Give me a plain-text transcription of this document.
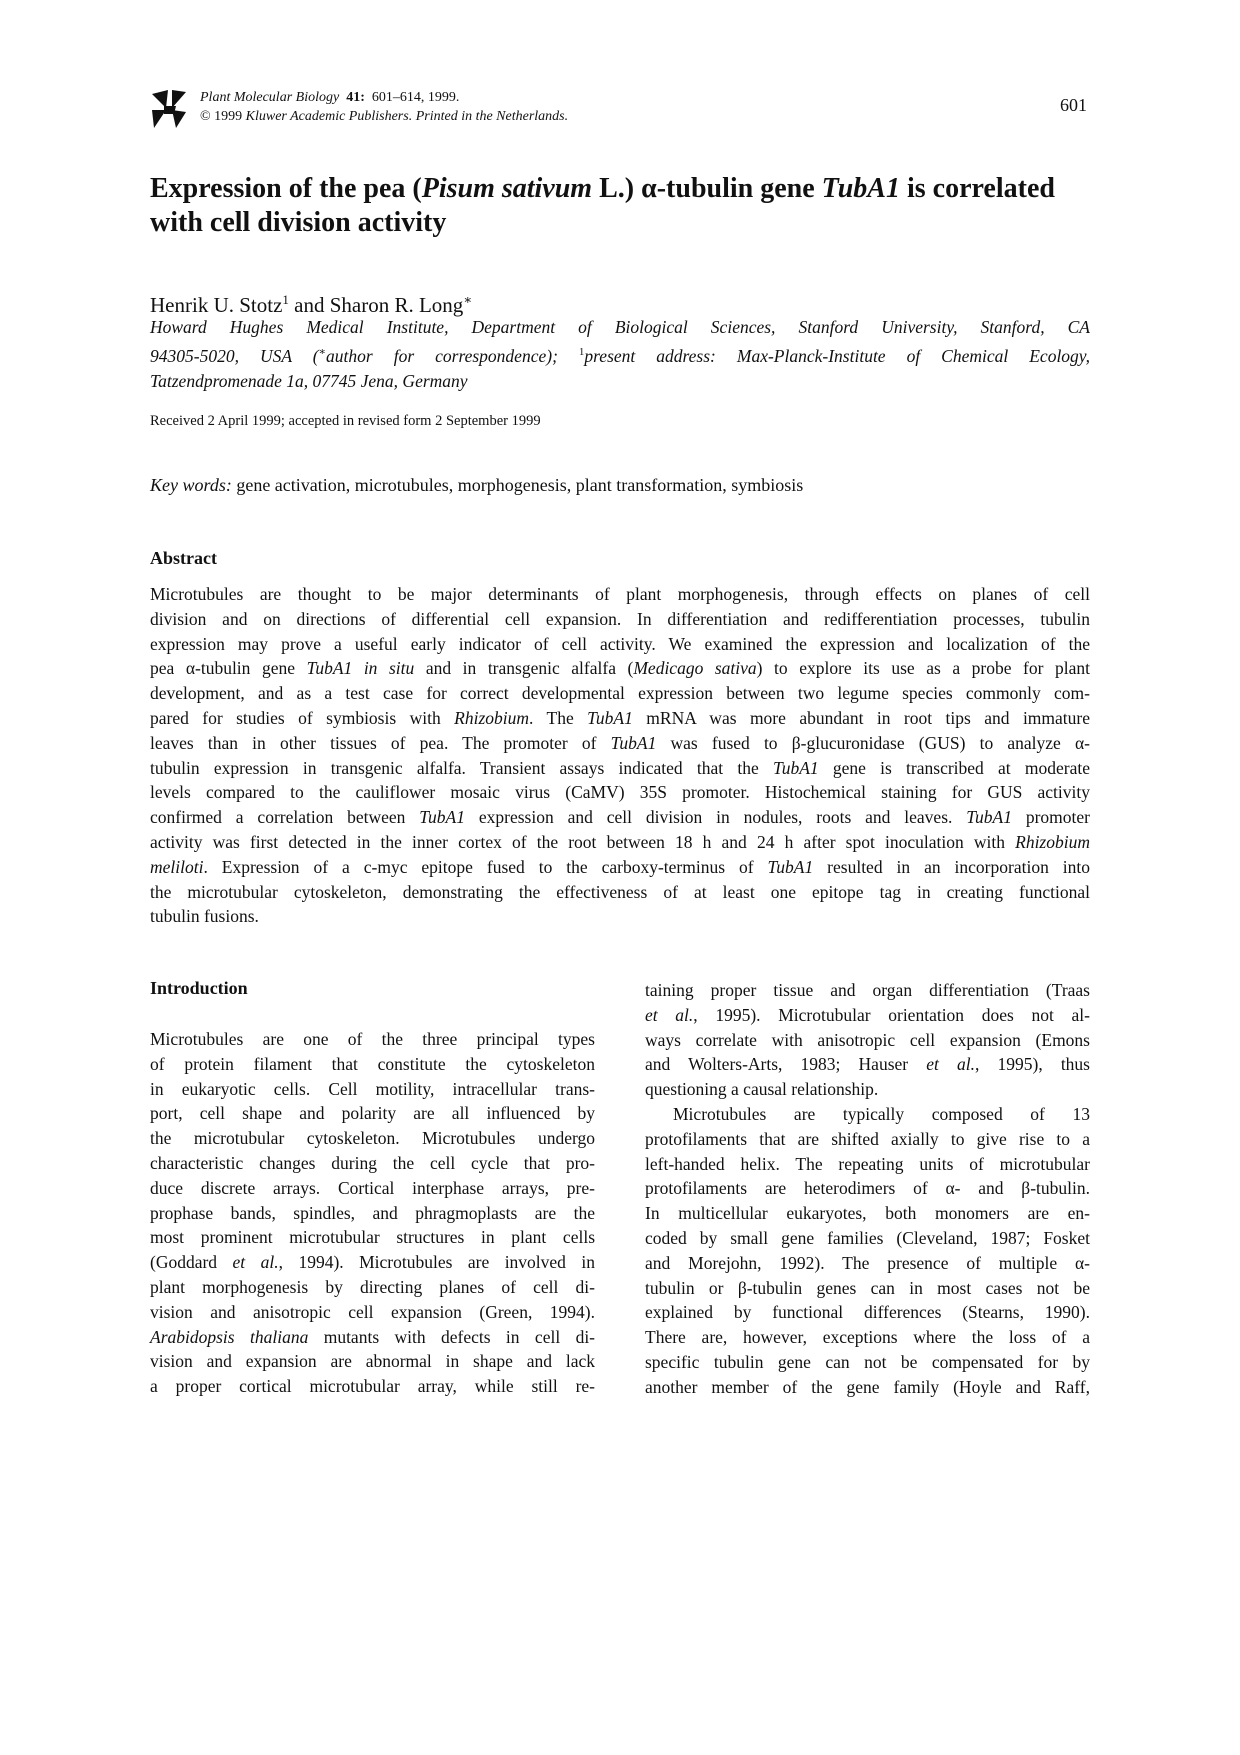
Plant Molecular Biology 41: 601–614, 1999.
© 1999 Kluwer Academic Publishers. Printed in the Netherlands.
601
Expression of the pea (Pisum sativum L.) α-tubulin gene TubA1 is correlated with cell division activity
Henrik U. Stotz$^1$ and Sharon R. Long∗
Howard Hughes Medical Institute, Department of Biological Sciences, Stanford University, Stanford, CA
94305-5020, USA (∗author for correspondence); $^1$present address: Max-Planck-Institute of Chemical Ecology,
Tatzendpromenade 1a, 07745 Jena, Germany
Received 2 April 1999; accepted in revised form 2 September 1999
Key words: gene activation, microtubules, morphogenesis, plant transformation, symbiosis
Abstract
Microtubules are thought to be major determinants of plant morphogenesis, through effects on planes of cell
division and on directions of differential cell expansion. In differentiation and redifferentiation processes, tubulin
expression may prove a useful early indicator of cell activity. We examined the expression and localization of the
pea α-tubulin gene TubA1 in situ and in transgenic alfalfa (Medicago sativa) to explore its use as a probe for plant
development, and as a test case for correct developmental expression between two legume species commonly com-
pared for studies of symbiosis with Rhizobium. The TubA1 mRNA was more abundant in root tips and immature
leaves than in other tissues of pea. The promoter of TubA1 was fused to β-glucuronidase (GUS) to analyze α-
tubulin expression in transgenic alfalfa. Transient assays indicated that the TubA1 gene is transcribed at moderate
levels compared to the cauliflower mosaic virus (CaMV) 35S promoter. Histochemical staining for GUS activity
confirmed a correlation between TubA1 expression and cell division in nodules, roots and leaves. TubA1 promoter
activity was first detected in the inner cortex of the root between 18 h and 24 h after spot inoculation with Rhizobium
meliloti. Expression of a c-myc epitope fused to the carboxy-terminus of TubA1 resulted in an incorporation into
the microtubular cytoskeleton, demonstrating the effectiveness of at least one epitope tag in creating functional
tubulin fusions.
Introduction
Microtubules are one of the three principal types
of protein filament that constitute the cytoskeleton
in eukaryotic cells. Cell motility, intracellular trans-
port, cell shape and polarity are all influenced by
the microtubular cytoskeleton. Microtubules undergo
characteristic changes during the cell cycle that pro-
duce discrete arrays. Cortical interphase arrays, pre-
prophase bands, spindles, and phragmoplasts are the
most prominent microtubular structures in plant cells
(Goddard et al., 1994). Microtubules are involved in
plant morphogenesis by directing planes of cell di-
vision and anisotropic cell expansion (Green, 1994).
Arabidopsis thaliana mutants with defects in cell di-
vision and expansion are abnormal in shape and lack
a proper cortical microtubular array, while still re-
taining proper tissue and organ differentiation (Traas
et al., 1995). Microtubular orientation does not al-
ways correlate with anisotropic cell expansion (Emons
and Wolters-Arts, 1983; Hauser et al., 1995), thus
questioning a causal relationship.
Microtubules are typically composed of 13
protofilaments that are shifted axially to give rise to a
left-handed helix. The repeating units of microtubular
protofilaments are heterodimers of α- and β-tubulin.
In multicellular eukaryotes, both monomers are en-
coded by small gene families (Cleveland, 1987; Fosket
and Morejohn, 1992). The presence of multiple α-
tubulin or β-tubulin genes can in most cases not be
explained by functional differences (Stearns, 1990).
There are, however, exceptions where the loss of a
specific tubulin gene can not be compensated for by
another member of the gene family (Hoyle and Raff,
